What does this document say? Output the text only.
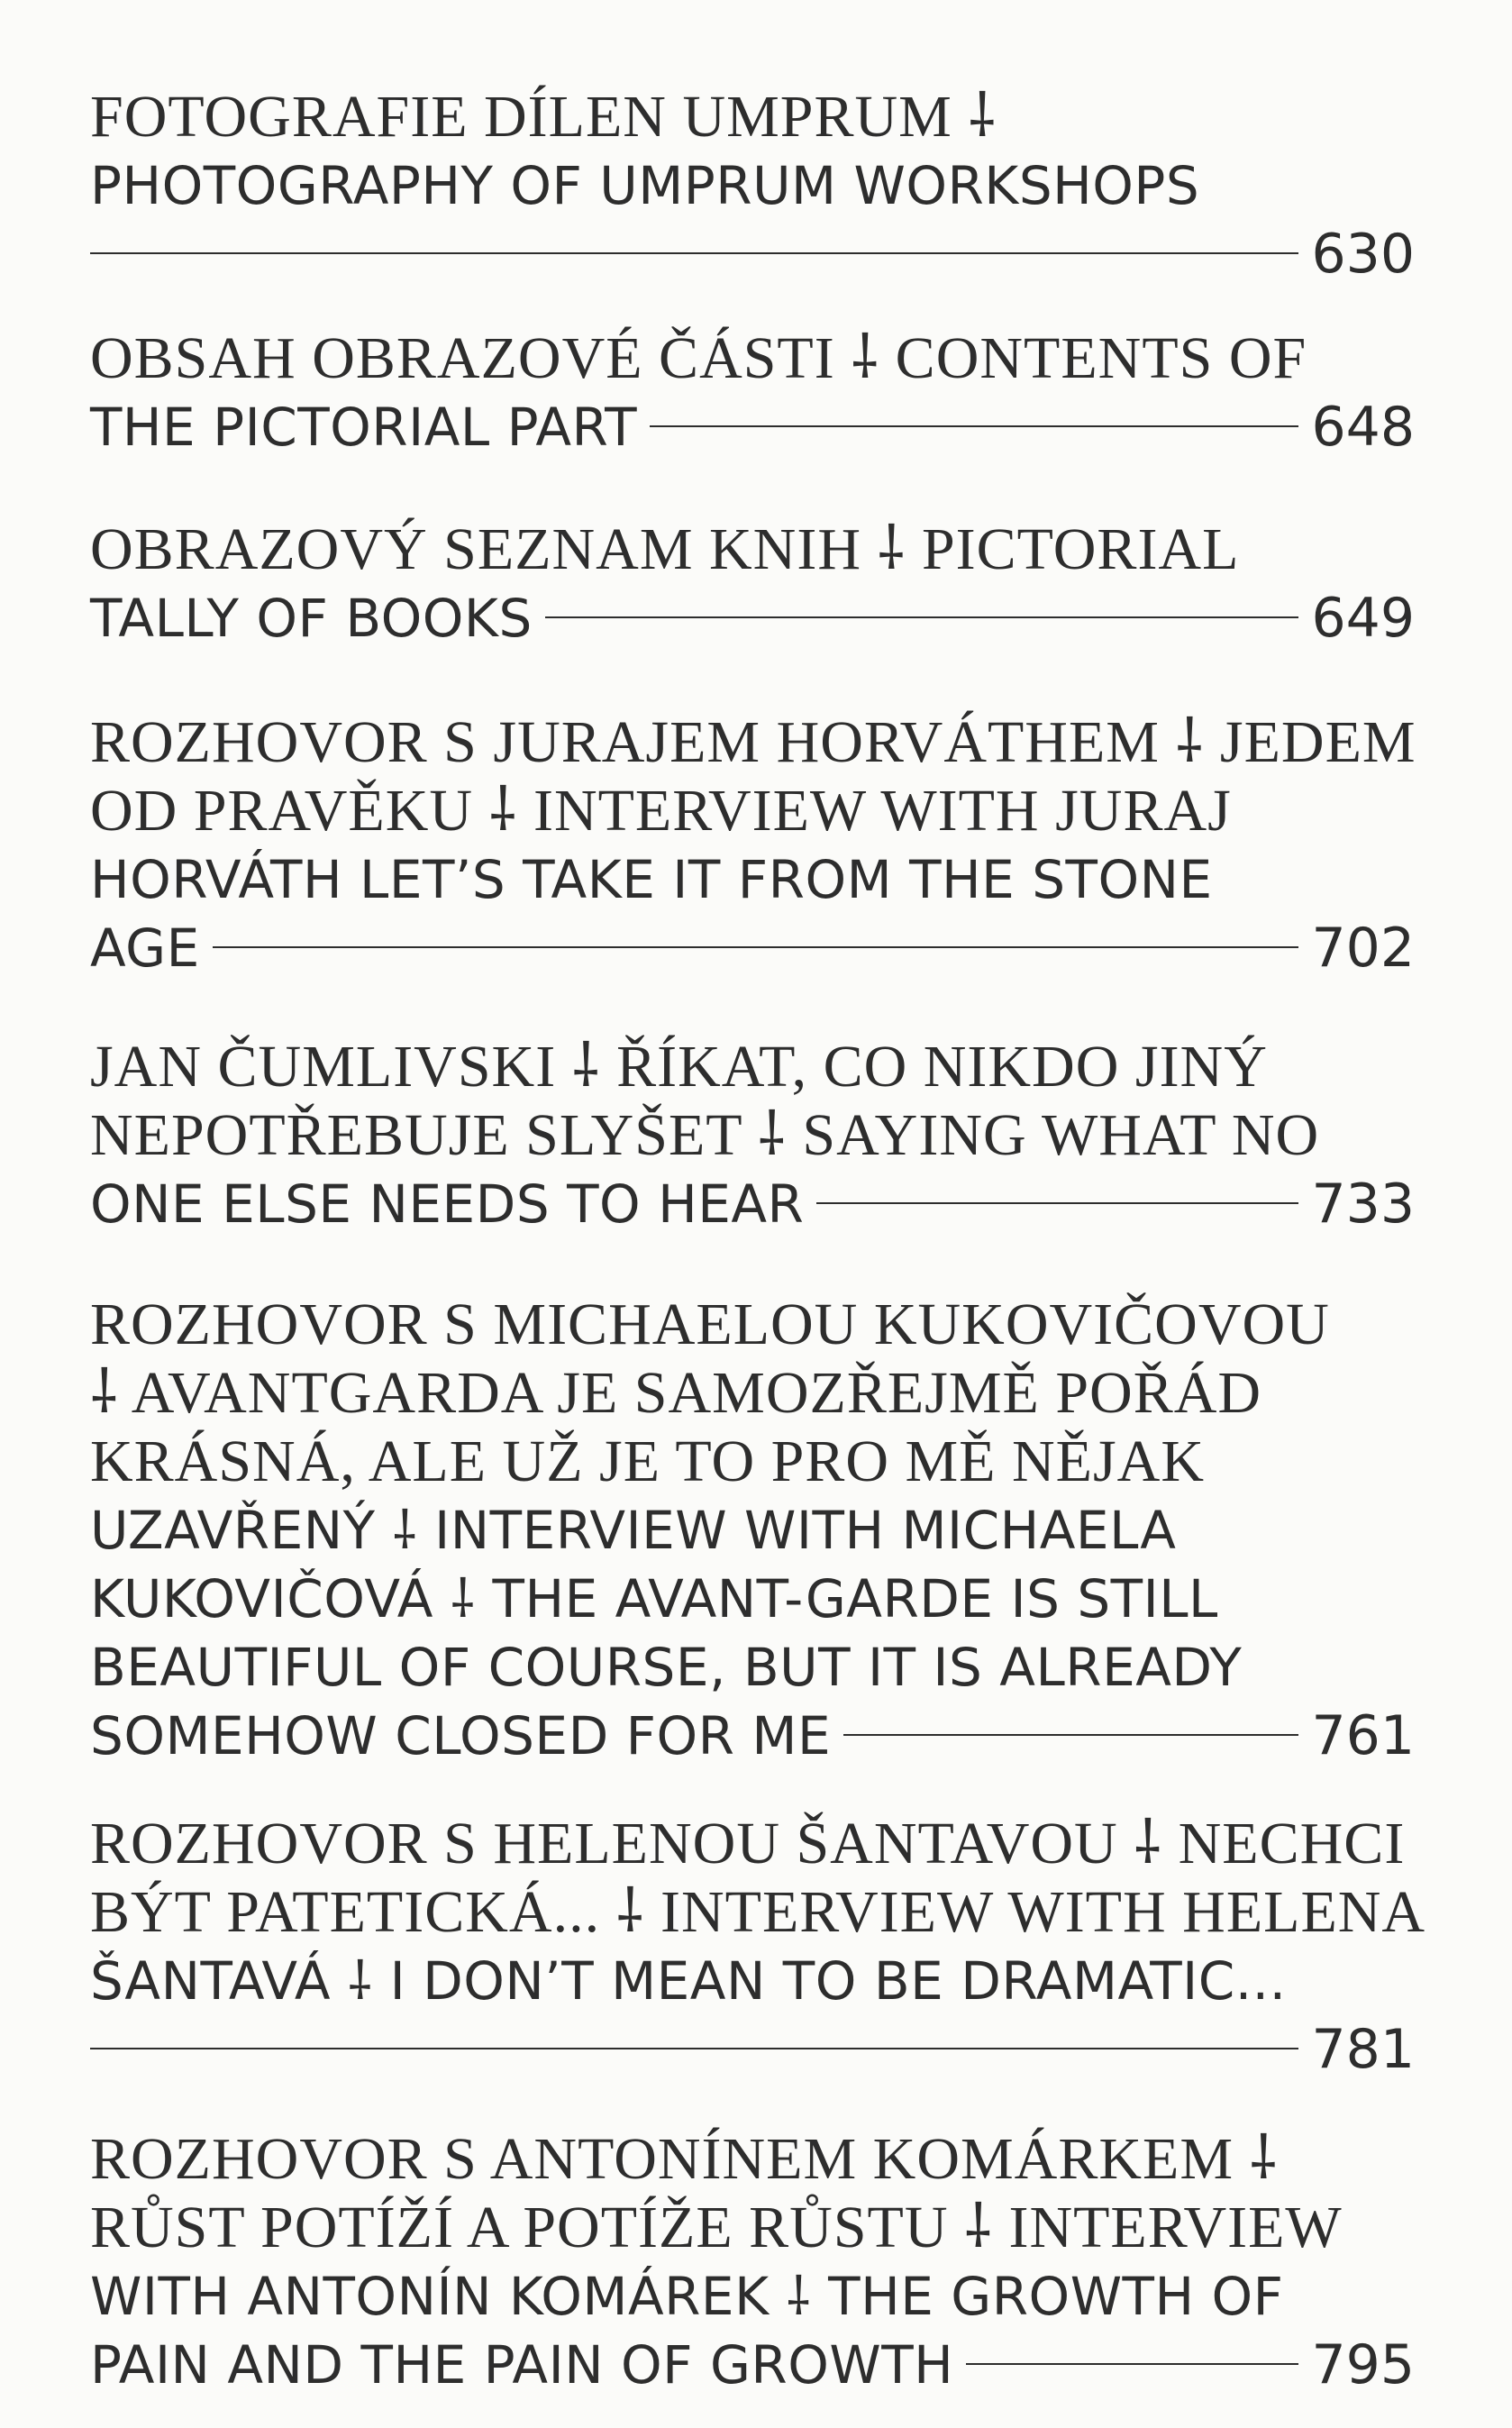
FOTOGRAFIE DÍLEN UMPRUM ⸸
PHOTOGRAPHY OF UMPRUM WORKSHOPS
630
OBSAH OBRAZOVÉ ČÁSTI ⸸ CONTENTS OF
THE PICTORIAL PART	648
OBRAZOVÝ SEZNAM KNIH ⸸ PICTORIAL
TALLY OF BOOKS	649
ROZHOVOR S JURAJEM HORVÁTHEM ⸸ JEDEM
OD PRAVĚKU ⸸ INTERVIEW WITH JURAJ
HORVÁTH LET’S TAKE IT FROM THE STONE
AGE	702
JAN ČUMLIVSKI ⸸ ŘÍKAT, CO NIKDO JINÝ
NEPOTŘEBUJE SLYŠET ⸸ SAYING WHAT NO
ONE ELSE NEEDS TO HEAR	733
ROZHOVOR S MICHAELOU KUKOVIČOVOU
⸸ AVANTGARDA JE SAMOZŘEJMĚ POŘÁD
KRÁSNÁ, ALE UŽ JE TO PRO MĚ NĚJAK
UZAVŘENÝ ⸸ INTERVIEW WITH MICHAELA
KUKOVIČOVÁ ⸸ THE AVANT-GARDE IS STILL
BEAUTIFUL OF COURSE, BUT IT IS ALREADY
SOMEHOW CLOSED FOR ME	761
ROZHOVOR S HELENOU ŠANTAVOU ⸸ NECHCI
BÝT PATETICKÁ... ⸸ INTERVIEW WITH HELENA
ŠANTAVÁ ⸸ I DON’T MEAN TO BE DRAMATIC...
781
ROZHOVOR S ANTONÍNEM KOMÁRKEM ⸸
RŮST POTÍŽÍ A POTÍŽE RŮSTU ⸸ INTERVIEW
WITH ANTONÍN KOMÁREK ⸸ THE GROWTH OF
PAIN AND THE PAIN OF GROWTH	795
